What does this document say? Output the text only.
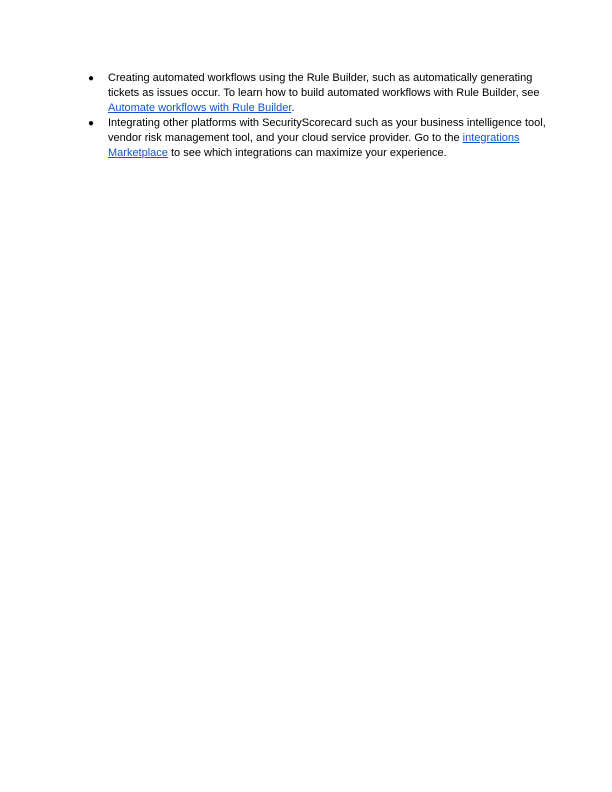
● Creating automated workflows using the Rule Builder, such as automatically generating tickets as issues occur. To learn how to build automated workflows with Rule Builder, see Automate workflows with Rule Builder.
● Integrating other platforms with SecurityScorecard such as your business intelligence tool, vendor risk management tool, and your cloud service provider. Go to the integrations Marketplace to see which integrations can maximize your experience.
